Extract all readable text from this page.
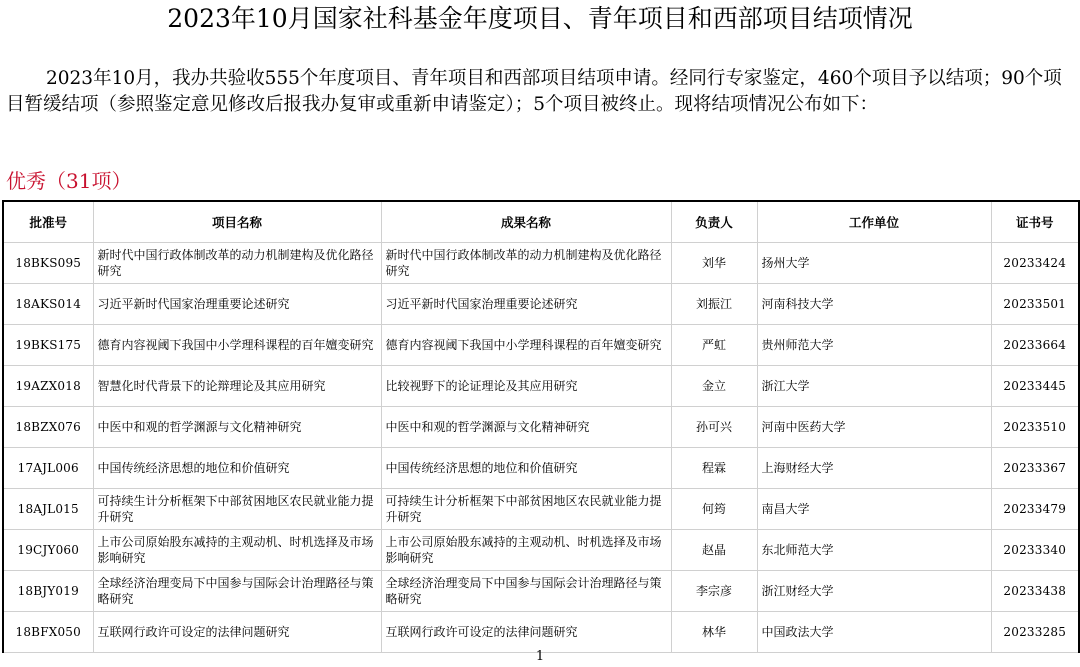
2023年10月国家社科基金年度项目、青年项目和西部项目结项情况
2023年10月，我办共验收555个年度项目、青年项目和西部项目结项申请。经同行专家鉴定，460个项目予以结项；90个项目暂缓结项（参照鉴定意见修改后报我办复审或重新申请鉴定）；5个项目被终止。现将结项情况公布如下：
优秀（31项）
批准号	项目名称	成果名称	负责人	工作单位	证书号
18BKS095	新时代中国行政体制改革的动力机制建构及优化路径研究	新时代中国行政体制改革的动力机制建构及优化路径研究	刘华	扬州大学	20233424
18AKS014	习近平新时代国家治理重要论述研究	习近平新时代国家治理重要论述研究	刘振江	河南科技大学	20233501
19BKS175	德育内容视阈下我国中小学理科课程的百年嬗变研究	德育内容视阈下我国中小学理科课程的百年嬗变研究	严虹	贵州师范大学	20233664
19AZX018	智慧化时代背景下的论辩理论及其应用研究	比较视野下的论证理论及其应用研究	金立	浙江大学	20233445
18BZX076	中医中和观的哲学渊源与文化精神研究	中医中和观的哲学渊源与文化精神研究	孙可兴	河南中医药大学	20233510
17AJL006	中国传统经济思想的地位和价值研究	中国传统经济思想的地位和价值研究	程霖	上海财经大学	20233367
18AJL015	可持续生计分析框架下中部贫困地区农民就业能力提升研究	可持续生计分析框架下中部贫困地区农民就业能力提升研究	何筠	南昌大学	20233479
19CJY060	上市公司原始股东减持的主观动机、时机选择及市场影响研究	上市公司原始股东减持的主观动机、时机选择及市场影响研究	赵晶	东北师范大学	20233340
18BJY019	全球经济治理变局下中国参与国际会计治理路径与策略研究	全球经济治理变局下中国参与国际会计治理路径与策略研究	李宗彦	浙江财经大学	20233438
18BFX050	互联网行政许可设定的法律问题研究	互联网行政许可设定的法律问题研究	林华	中国政法大学	20233285
1
